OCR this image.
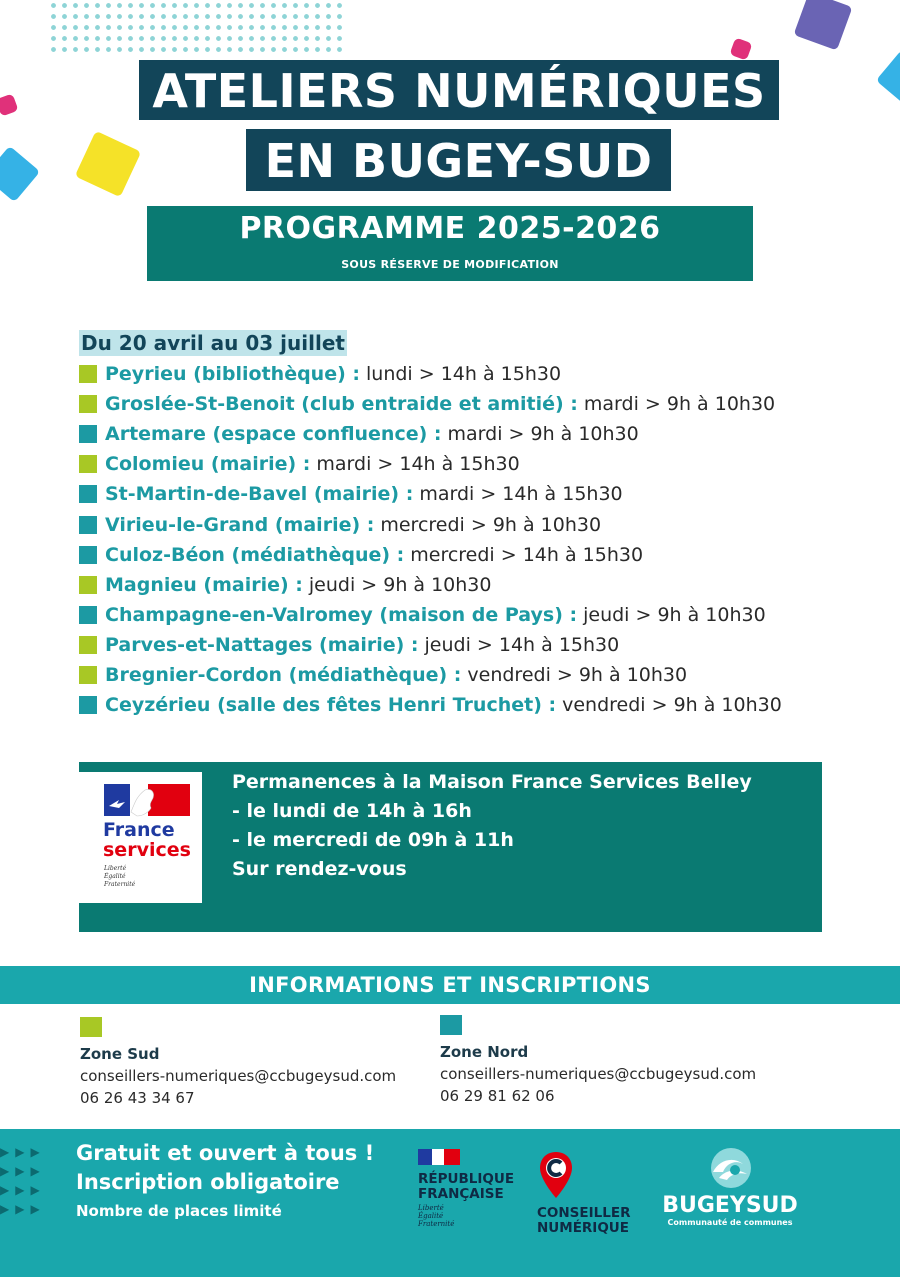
ATELIERS NUMÉRIQUES
EN BUGEY-SUD
PROGRAMME 2025-2026
SOUS RÉSERVE DE MODIFICATION
Du 20 avril au 03 juillet
Peyrieu (bibliothèque) : lundi > 14h à 15h30
Groslée-St-Benoit (club entraide et amitié) : mardi > 9h à 10h30
Artemare (espace confluence) : mardi > 9h à 10h30
Colomieu (mairie) : mardi > 14h à 15h30
St-Martin-de-Bavel (mairie) : mardi > 14h à 15h30
Virieu-le-Grand (mairie) : mercredi > 9h à 10h30
Culoz-Béon (médiathèque) : mercredi > 14h à 15h30
Magnieu (mairie) : jeudi > 9h à 10h30
Champagne-en-Valromey (maison de Pays) : jeudi > 9h à 10h30
Parves-et-Nattages (mairie) : jeudi > 14h à 15h30
Bregnier-Cordon (médiathèque) : vendredi > 9h à 10h30
Ceyzérieu (salle des fêtes Henri Truchet) : vendredi > 9h à 10h30
France
services
Liberté
Égalité
Fraternité
Permanences à la Maison France Services Belley
- le lundi de 14h à 16h
- le mercredi de 09h à 11h
Sur rendez-vous
INFORMATIONS ET INSCRIPTIONS
Zone Sud
conseillers-numeriques@ccbugeysud.com
06 26 43 34 67
Zone Nord
conseillers-numeriques@ccbugeysud.com
06 29 81 62 06
▶▶▶
▶▶▶
▶▶▶
▶▶▶
Gratuit et ouvert à tous !
Inscription obligatoire
Nombre de places limité
RÉPUBLIQUE
FRANÇAISE
Liberté
Égalité
Fraternité
CONSEILLER
NUMÉRIQUE
BUGEYSUD
Communauté de communes
